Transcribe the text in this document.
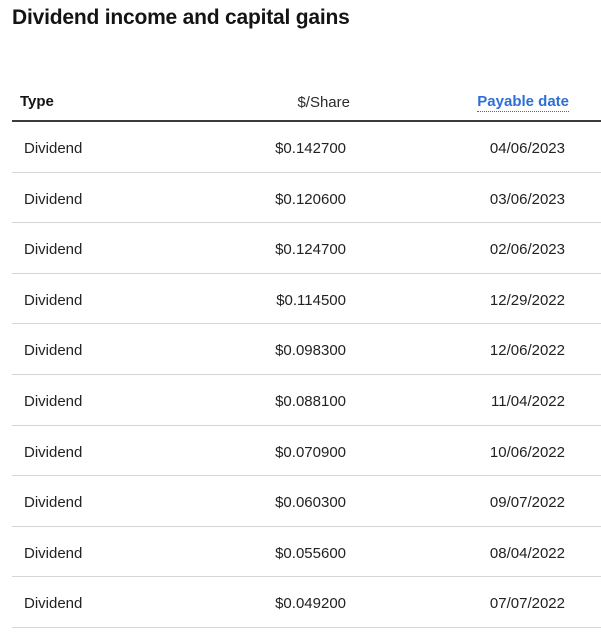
Dividend income and capital gains
Type	$/Share	Payable date
Dividend	$0.142700	04/06/2023
Dividend	$0.120600	03/06/2023
Dividend	$0.124700	02/06/2023
Dividend	$0.114500	12/29/2022
Dividend	$0.098300	12/06/2022
Dividend	$0.088100	11/04/2022
Dividend	$0.070900	10/06/2022
Dividend	$0.060300	09/07/2022
Dividend	$0.055600	08/04/2022
Dividend	$0.049200	07/07/2022
